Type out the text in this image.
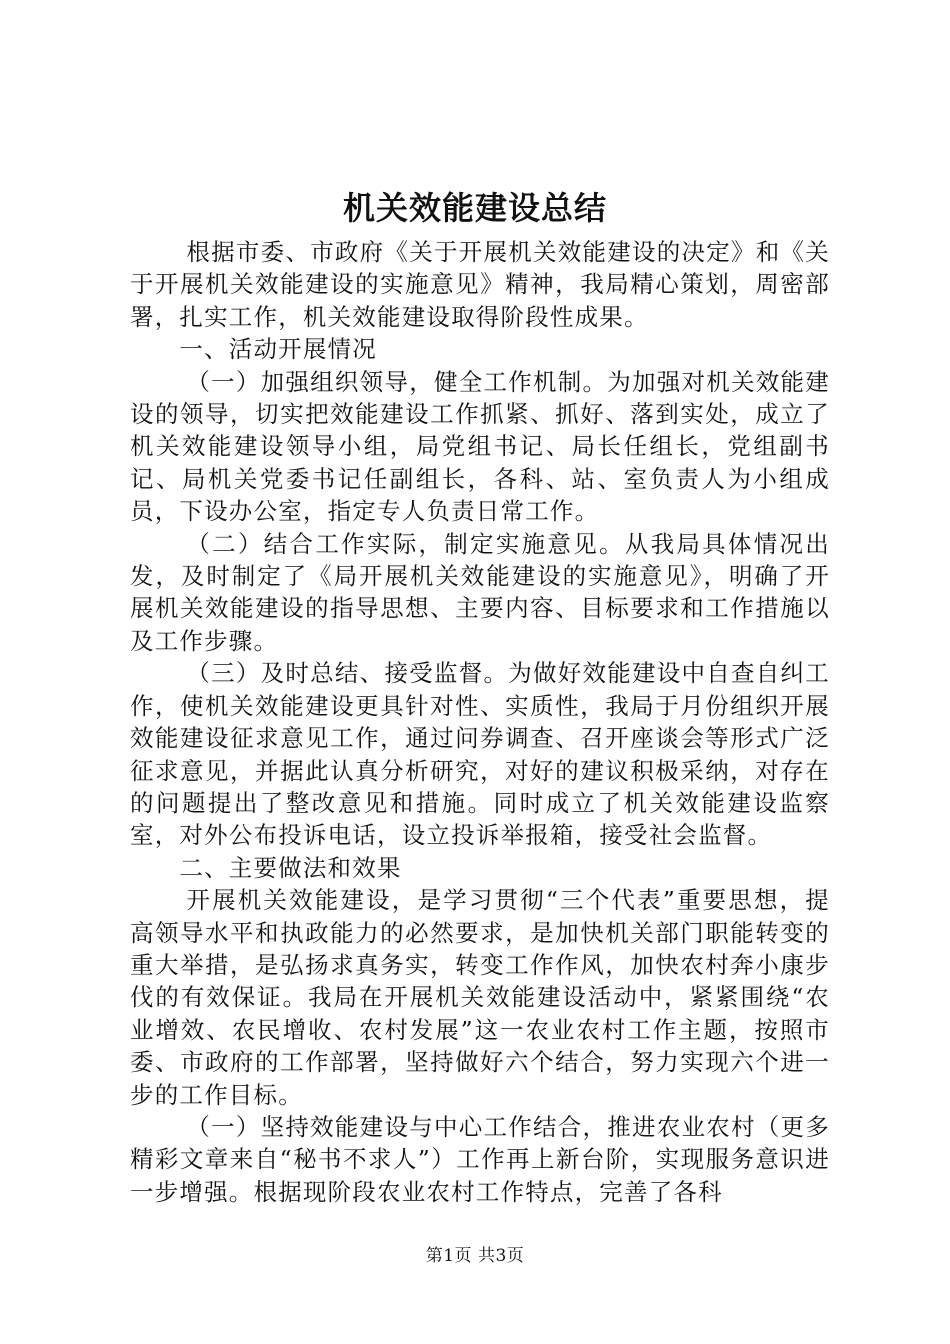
机关效能建设总结

根据市委、市政府《关于开展机关效能建设的决定》和《关于开展机关效能建设的实施意见》精神，我局精心策划，周密部署，扎实工作，机关效能建设取得阶段性成果。

一、活动开展情况

（一）加强组织领导，健全工作机制。为加强对机关效能建设的领导，切实把效能建设工作抓紧、抓好、落到实处，成立了机关效能建设领导小组，局党组书记、局长任组长，党组副书记、局机关党委书记任副组长，各科、站、室负责人为小组成员，下设办公室，指定专人负责日常工作。

（二）结合工作实际，制定实施意见。从我局具体情况出发，及时制定了《局开展机关效能建设的实施意见》，明确了开展机关效能建设的指导思想、主要内容、目标要求和工作措施以及工作步骤。

（三）及时总结、接受监督。为做好效能建设中自查自纠工作，使机关效能建设更具针对性、实质性，我局于月份组织开展效能建设征求意见工作，通过问券调查、召开座谈会等形式广泛征求意见，并据此认真分析研究，对好的建议积极采纳，对存在的问题提出了整改意见和措施。同时成立了机关效能建设监察室，对外公布投诉电话，设立投诉举报箱，接受社会监督。

二、主要做法和效果

开展机关效能建设，是学习贯彻“三个代表”重要思想，提高领导水平和执政能力的必然要求，是加快机关部门职能转变的重大举措，是弘扬求真务实，转变工作作风，加快农村奔小康步伐的有效保证。我局在开展机关效能建设活动中，紧紧围绕“农业增效、农民增收、农村发展”这一农业农村工作主题，按照市委、市政府的工作部署，坚持做好六个结合，努力实现六个进一步的工作目标。

（一）坚持效能建设与中心工作结合，推进农业农村（更多精彩文章来自“秘书不求人”）工作再上新台阶，实现服务意识进一步增强。根据现阶段农业农村工作特点，完善了各科

第1页 共3页
